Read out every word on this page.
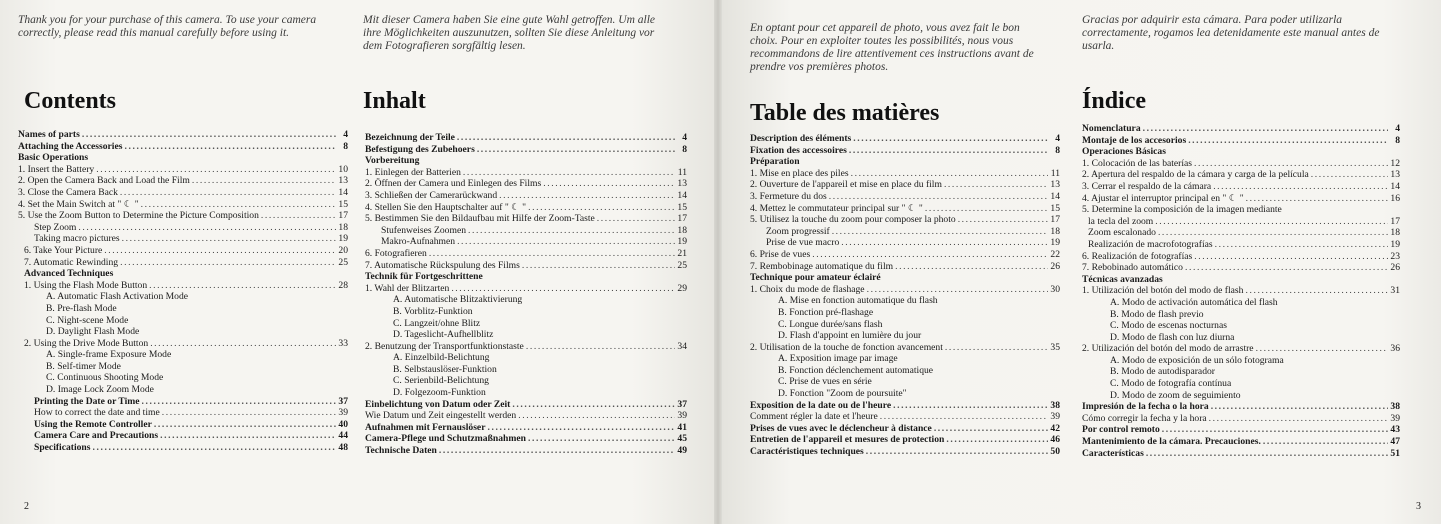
Thank you for your purchase of this camera. To use your camera correctly, please read this manual carefully before using it.
Contents
Names of parts .....	4
Attaching the Accessories .....	8
Basic Operations
1. Insert the Battery .....	10
2. Open the Camera Back and Load the Film .....	13
3. Close the Camera Back .....	14
4. Set the Main Switch at " ☾ " .....	15
5. Use the Zoom Button to Determine the Picture Composition .....	17
Step Zoom .....	18
Taking macro pictures .....	19
6. Take Your Picture .....	20
7. Automatic Rewinding .....	25
Advanced Techniques
1. Using the Flash Mode Button .....	28
A. Automatic Flash Activation Mode
B. Pre-flash Mode
C. Night-scene Mode
D. Daylight Flash Mode
2. Using the Drive Mode Button .....	33
A. Single-frame Exposure Mode
B. Self-timer Mode
C. Continuous Shooting Mode
D. Image Lock Zoom Mode
Printing the Date or Time .....	37
How to correct the date and time .....	39
Using the Remote Controller .....	40
Camera Care and Precautions .....	44
Specifications .....	48
Mit dieser Camera haben Sie eine gute Wahl getroffen. Um alle ihre Möglichkeiten auszunutzen, sollten Sie diese Anleitung vor dem Fotografieren sorgfältig lesen.
Inhalt
Bezeichnung der Teile .....	4
Befestigung des Zubehoers .....	8
Vorbereitung
1. Einlegen der Batterien .....	11
2. Öffnen der Camera und Einlegen des Films .....	13
3. Schließen der Camerarückwand .....	14
4. Stellen Sie den Hauptschalter auf " ☾ " .....	15
5. Bestimmen Sie den Bildaufbau mit Hilfe der Zoom-Taste .....	17
Stufenweises Zoomen .....	18
Makro-Aufnahmen .....	19
6. Fotografieren .....	21
7. Automatische Rückspulung des Films .....	25
Technik für Fortgeschrittene
1. Wahl der Blitzarten .....	29
A. Automatische Blitzaktivierung
B. Vorblitz-Funktion
C. Langzeit/ohne Blitz
D. Tageslicht-Aufhellblitz
2. Benutzung der Transportfunktionstaste .....	34
A. Einzelbild-Belichtung
B. Selbstauslöser-Funktion
C. Serienbild-Belichtung
D. Folgezoom-Funktion
Einbelichtung von Datum oder Zeit .....	37
Wie Datum und Zeit eingestellt werden .....	39
Aufnahmen mit Fernauslöser .....	41
Camera-Pflege und Schutzmaßnahmen .....	45
Technische Daten .....	49
En optant pour cet appareil de photo, vous avez fait le bon choix. Pour en exploiter toutes les possibilités, nous vous recommandons de lire attentivement ces instructions avant de prendre vos premières photos.
Table des matières
Description des éléments .....	4
Fixation des accessoires .....	8
Préparation
1. Mise en place des piles .....	11
2. Ouverture de l'appareil et mise en place du film .....	13
3. Fermeture du dos .....	14
4. Mettez le commutateur principal sur " ☾ " .....	15
5. Utilisez la touche du zoom pour composer la photo .....	17
Zoom progressif .....	18
Prise de vue macro .....	19
6. Prise de vues .....	22
7. Rembobinage automatique du film .....	26
Technique pour amateur éclairé
1. Choix du mode de flashage .....	30
A. Mise en fonction automatique du flash
B. Fonction pré-flashage
C. Longue durée/sans flash
D. Flash d'appoint en lumière du jour
2. Utilisation de la touche de fonction avancement .....	35
A. Exposition image par image
B. Fonction déclenchement automatique
C. Prise de vues en série
D. Fonction "Zoom de poursuite"
Exposition de la date ou de l'heure .....	38
Comment régler la date et l'heure .....	39
Prises de vues avec le déclencheur à distance .....	42
Entretien de l'appareil et mesures de protection .....	46
Caractéristiques techniques .....	50
Gracias por adquirir esta cámara. Para poder utilizarla correctamente, rogamos lea detenidamente este manual antes de usarla.
Índice
Nomenclatura .....	4
Montaje de los accesorios .....	8
Operaciones Básicas
1. Colocación de las baterías .....	12
2. Apertura del respaldo de la cámara y carga de la película .....	13
3. Cerrar el respaldo de la cámara .....	14
4. Ajustar el interruptor principal en " ☾ " .....	16
5. Determine la composición de la imagen mediante
la tecla del zoom .....	17
Zoom escalonado .....	18
Realización de macrofotografías .....	19
6. Realización de fotografías .....	23
7. Rebobinado automático .....	26
Técnicas avanzadas
1. Utilización del botón del modo de flash .....	31
A. Modo de activación automática del flash
B. Modo de flash previo
C. Modo de escenas nocturnas
D. Modo de flash con luz diurna
2. Utilización del botón del modo de arrastre .....	36
A. Modo de exposición de un sólo fotograma
B. Modo de autodisparador
C. Modo de fotografía contínua
D. Modo de zoom de seguimiento
Impresión de la fecha o la hora .....	38
Cómo corregir la fecha y la hora .....	39
Por control remoto .....	43
Mantenimiento de la cámara. Precauciones. .....	47
Características .....	51
2	3
